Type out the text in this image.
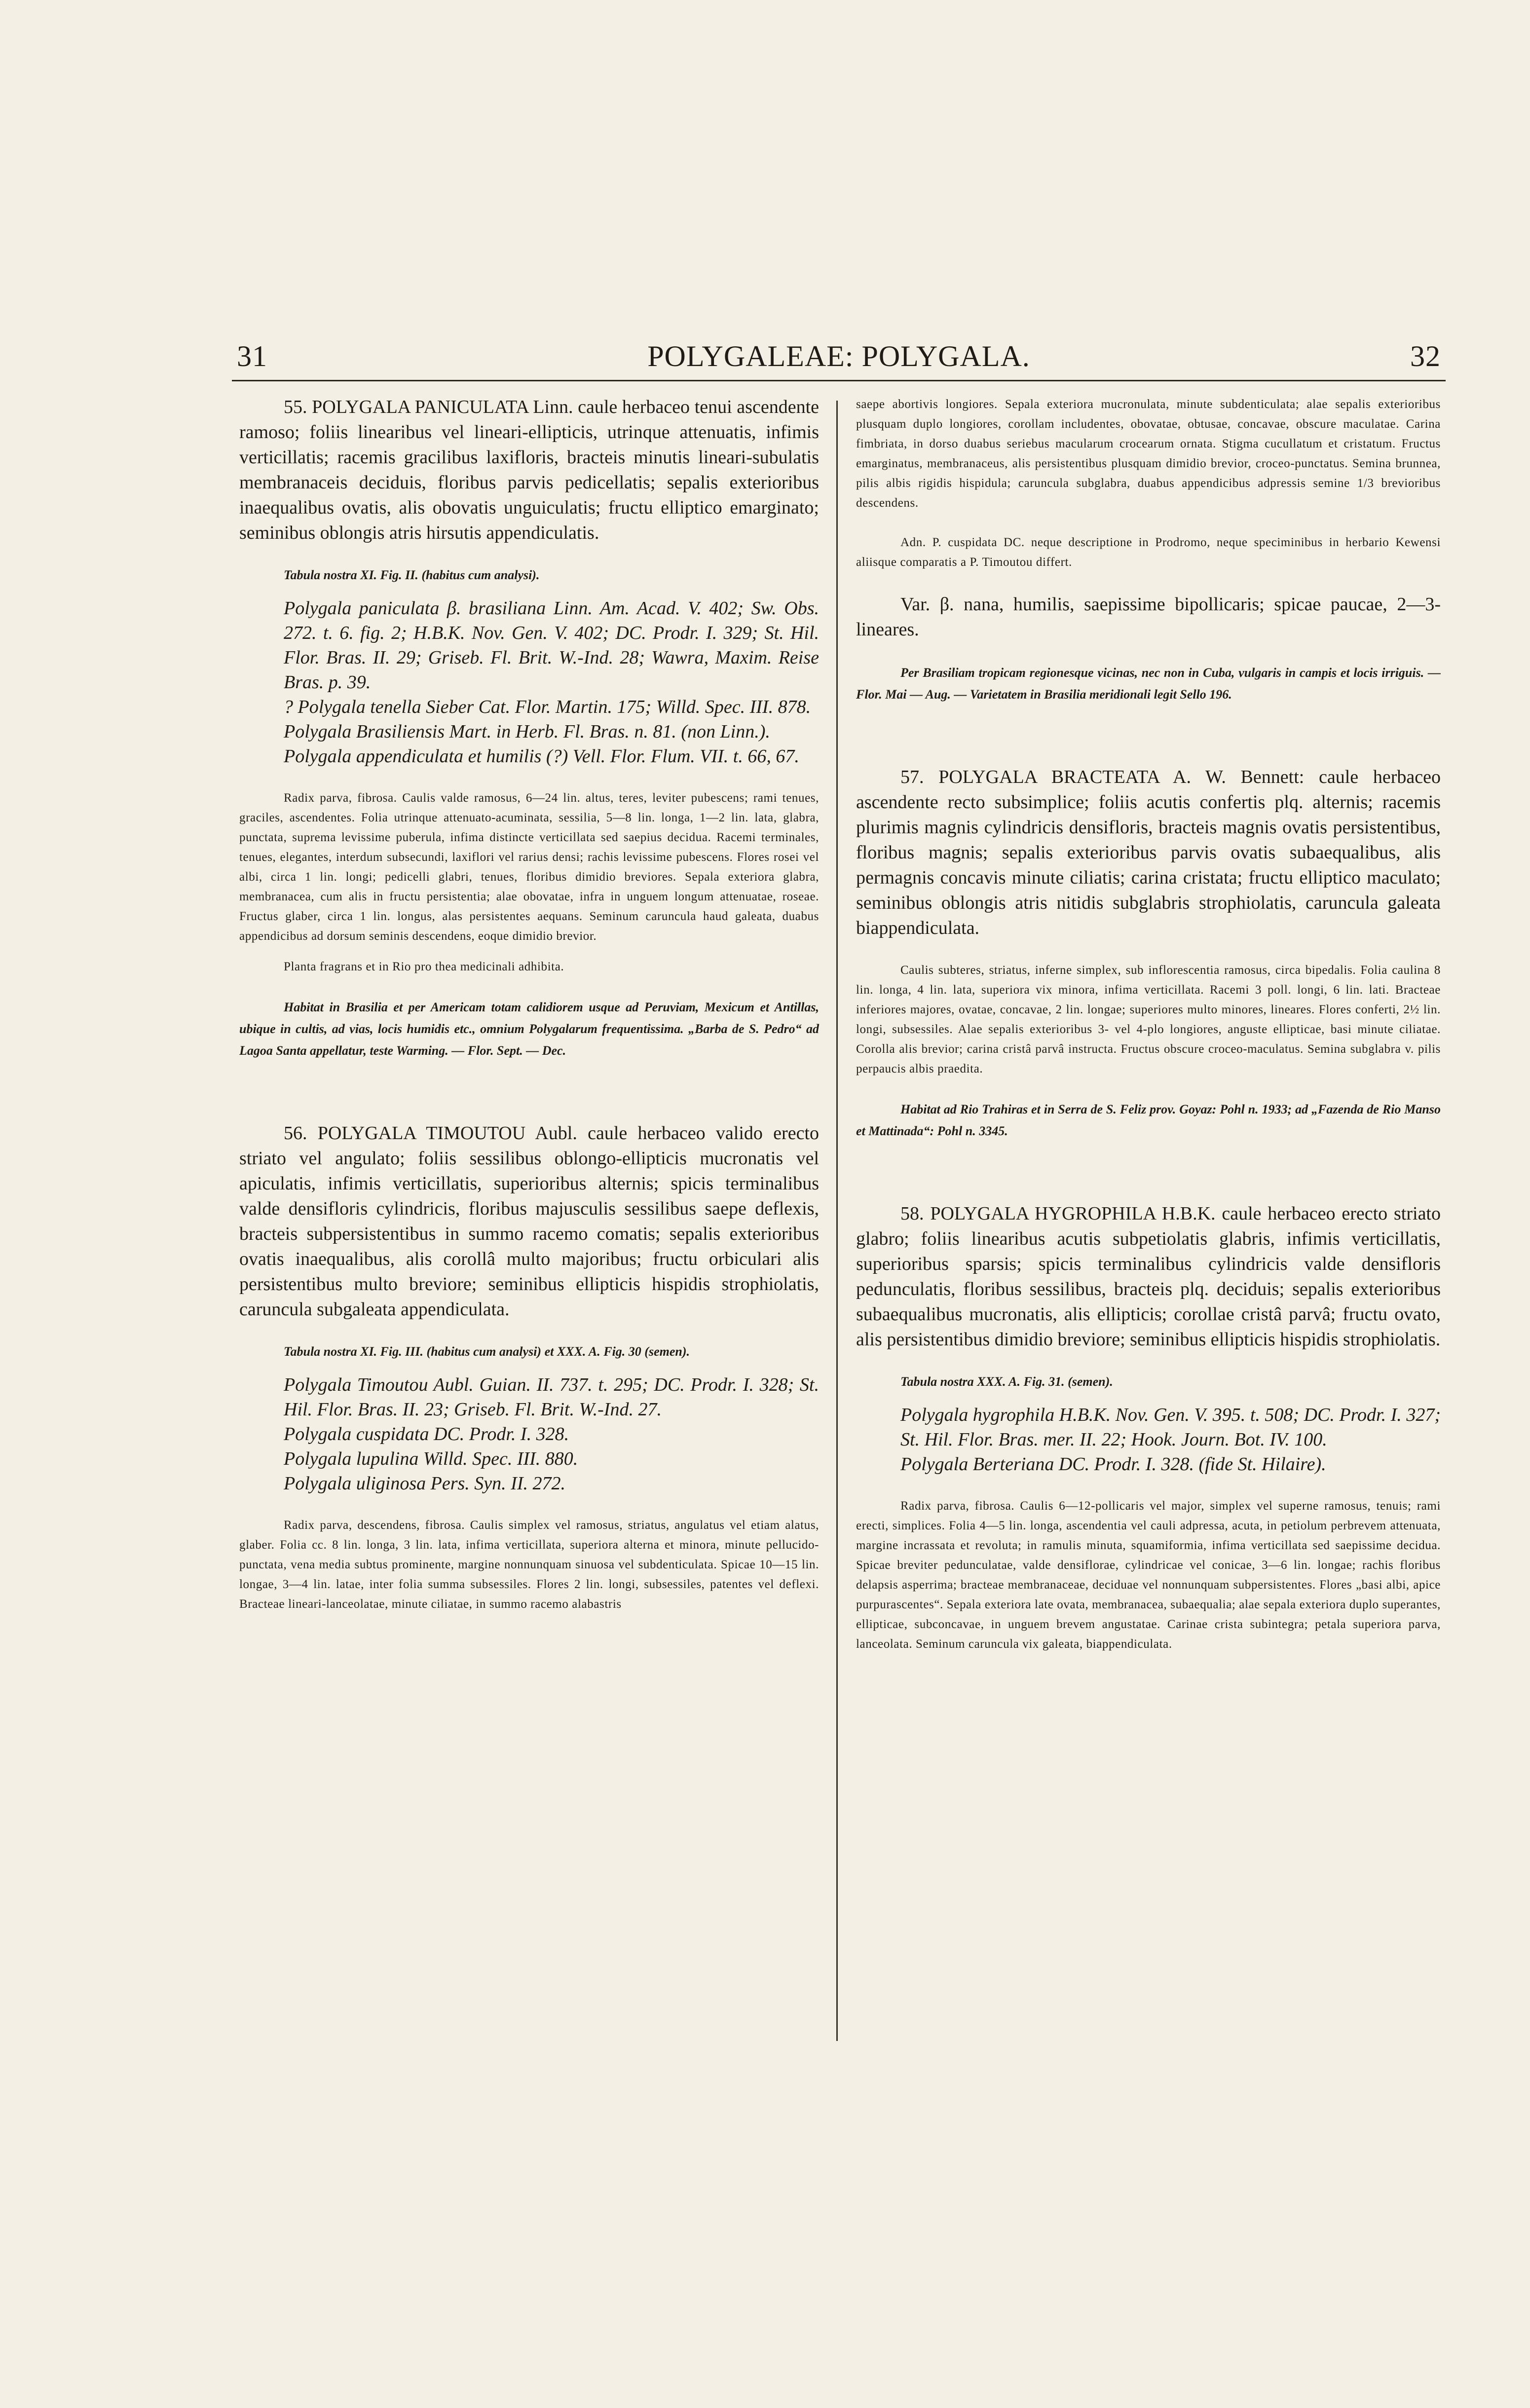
31	POLYGALEAE: POLYGALA.	32

55. POLYGALA PANICULATA Linn. caule herbaceo tenui ascendente ramoso; foliis linearibus vel lineari-ellipticis, utrinque attenuatis, infimis verticillatis; racemis gracilibus laxifloris, bracteis minutis lineari-subulatis membranaceis deciduis, floribus parvis pedicellatis; sepalis exterioribus inaequalibus ovatis, alis obovatis unguiculatis; fructu elliptico emarginato; seminibus oblongis atris hirsutis appendiculatis.

Tabula nostra XI. Fig. II. (habitus cum analysi).

Polygala paniculata β. brasiliana Linn. Am. Acad. V. 402; Sw. Obs. 272. t. 6. fig. 2; H.B.K. Nov. Gen. V. 402; DC. Prodr. I. 329; St. Hil. Flor. Bras. II. 29; Griseb. Fl. Brit. W.-Ind. 28; Wawra, Maxim. Reise Bras. p. 39.

? Polygala tenella Sieber Cat. Flor. Martin. 175; Willd. Spec. III. 878.

Polygala Brasiliensis Mart. in Herb. Fl. Bras. n. 81. (non Linn.).

Polygala appendiculata et humilis (?) Vell. Flor. Flum. VII. t. 66, 67.

Radix parva, fibrosa. Caulis valde ramosus, 6—24 lin. altus, teres, leviter pubescens; rami tenues, graciles, ascendentes. Folia utrinque attenuato-acuminata, sessilia, 5—8 lin. longa, 1—2 lin. lata, glabra, punctata, suprema levissime puberula, infima distincte verticillata sed saepius decidua. Racemi terminales, tenues, elegantes, interdum subsecundi, laxiflori vel rarius densi; rachis levissime pubescens. Flores rosei vel albi, circa 1 lin. longi; pedicelli glabri, tenues, floribus dimidio breviores. Sepala exteriora glabra, membranacea, cum alis in fructu persistentia; alae obovatae, infra in unguem longum attenuatae, roseae. Fructus glaber, circa 1 lin. longus, alas persistentes aequans. Seminum caruncula haud galeata, duabus appendicibus ad dorsum seminis descendens, eoque dimidio brevior.

Planta fragrans et in Rio pro thea medicinali adhibita.

Habitat in Brasilia et per Americam totam calidiorem usque ad Peruviam, Mexicum et Antillas, ubique in cultis, ad vias, locis humidis etc., omnium Polygalarum frequentissima. „Barba de S. Pedro“ ad Lagoa Santa appellatur, teste Warming. — Flor. Sept. — Dec.

56. POLYGALA TIMOUTOU Aubl. caule herbaceo valido erecto striato vel angulato; foliis sessilibus oblongo-ellipticis mucronatis vel apiculatis, infimis verticillatis, superioribus alternis; spicis terminalibus valde densifloris cylindricis, floribus majusculis sessilibus saepe deflexis, bracteis subpersistentibus in summo racemo comatis; sepalis exterioribus ovatis inaequalibus, alis corollâ multo majoribus; fructu orbiculari alis persistentibus multo breviore; seminibus ellipticis hispidis strophiolatis, caruncula subgaleata appendiculata.

Tabula nostra XI. Fig. III. (habitus cum analysi) et XXX. A. Fig. 30 (semen).

Polygala Timoutou Aubl. Guian. II. 737. t. 295; DC. Prodr. I. 328; St. Hil. Flor. Bras. II. 23; Griseb. Fl. Brit. W.-Ind. 27.

Polygala cuspidata DC. Prodr. I. 328.

Polygala lupulina Willd. Spec. III. 880.

Polygala uliginosa Pers. Syn. II. 272.

Radix parva, descendens, fibrosa. Caulis simplex vel ramosus, striatus, angulatus vel etiam alatus, glaber. Folia cc. 8 lin. longa, 3 lin. lata, infima verticillata, superiora alterna et minora, minute pellucido-punctata, vena media subtus prominente, margine nonnunquam sinuosa vel subdenticulata. Spicae 10—15 lin. longae, 3—4 lin. latae, inter folia summa subsessiles. Flores 2 lin. longi, subsessiles, patentes vel deflexi. Bracteae lineari-lanceolatae, minute ciliatae, in summo racemo alabastris

saepe abortivis longiores. Sepala exteriora mucronulata, minute subdenticulata; alae sepalis exterioribus plusquam duplo longiores, corollam includentes, obovatae, obtusae, concavae, obscure maculatae. Carina fimbriata, in dorso duabus seriebus macularum crocearum ornata. Stigma cucullatum et cristatum. Fructus emarginatus, membranaceus, alis persistentibus plusquam dimidio brevior, croceo-punctatus. Semina brunnea, pilis albis rigidis hispidula; caruncula subglabra, duabus appendicibus adpressis semine 1/3 brevioribus descendens.

Adn. P. cuspidata DC. neque descriptione in Prodromo, neque speciminibus in herbario Kewensi aliisque comparatis a P. Timoutou differt.

Var. β. nana, humilis, saepissime bipollicaris; spicae paucae, 2—3-lineares.

Per Brasiliam tropicam regionesque vicinas, nec non in Cuba, vulgaris in campis et locis irriguis. — Flor. Mai — Aug. — Varietatem in Brasilia meridionali legit Sello 196.

57. POLYGALA BRACTEATA A. W. Bennett: caule herbaceo ascendente recto subsimplice; foliis acutis confertis plq. alternis; racemis plurimis magnis cylindricis densifloris, bracteis magnis ovatis persistentibus, floribus magnis; sepalis exterioribus parvis ovatis subaequalibus, alis permagnis concavis minute ciliatis; carina cristata; fructu elliptico maculato; seminibus oblongis atris nitidis subglabris strophiolatis, caruncula galeata biappendiculata.

Caulis subteres, striatus, inferne simplex, sub inflorescentia ramosus, circa bipedalis. Folia caulina 8 lin. longa, 4 lin. lata, superiora vix minora, infima verticillata. Racemi 3 poll. longi, 6 lin. lati. Bracteae inferiores majores, ovatae, concavae, 2 lin. longae; superiores multo minores, lineares. Flores conferti, 2½ lin. longi, subsessiles. Alae sepalis exterioribus 3- vel 4-plo longiores, anguste ellipticae, basi minute ciliatae. Corolla alis brevior; carina cristâ parvâ instructa. Fructus obscure croceo-maculatus. Semina subglabra v. pilis perpaucis albis praedita.

Habitat ad Rio Trahiras et in Serra de S. Feliz prov. Goyaz: Pohl n. 1933; ad „Fazenda de Rio Manso et Mattinada“: Pohl n. 3345.

58. POLYGALA HYGROPHILA H.B.K. caule herbaceo erecto striato glabro; foliis linearibus acutis subpetiolatis glabris, infimis verticillatis, superioribus sparsis; spicis terminalibus cylindricis valde densifloris pedunculatis, floribus sessilibus, bracteis plq. deciduis; sepalis exterioribus subaequalibus mucronatis, alis ellipticis; corollae cristâ parvâ; fructu ovato, alis persistentibus dimidio breviore; seminibus ellipticis hispidis strophiolatis.

Tabula nostra XXX. A. Fig. 31. (semen).

Polygala hygrophila H.B.K. Nov. Gen. V. 395. t. 508; DC. Prodr. I. 327; St. Hil. Flor. Bras. mer. II. 22; Hook. Journ. Bot. IV. 100.

Polygala Berteriana DC. Prodr. I. 328. (fide St. Hilaire).

Radix parva, fibrosa. Caulis 6—12-pollicaris vel major, simplex vel superne ramosus, tenuis; rami erecti, simplices. Folia 4—5 lin. longa, ascendentia vel cauli adpressa, acuta, in petiolum perbrevem attenuata, margine incrassata et revoluta; in ramulis minuta, squamiformia, infima verticillata sed saepissime decidua. Spicae breviter pedunculatae, valde densiflorae, cylindricae vel conicae, 3—6 lin. longae; rachis floribus delapsis asperrima; bracteae membranaceae, deciduae vel nonnunquam subpersistentes. Flores „basi albi, apice purpurascentes“. Sepala exteriora late ovata, membranacea, subaequalia; alae sepala exteriora duplo superantes, ellipticae, subconcavae, in unguem brevem angustatae. Carinae crista subintegra; petala superiora parva, lanceolata. Seminum caruncula vix galeata, biappendiculata.
